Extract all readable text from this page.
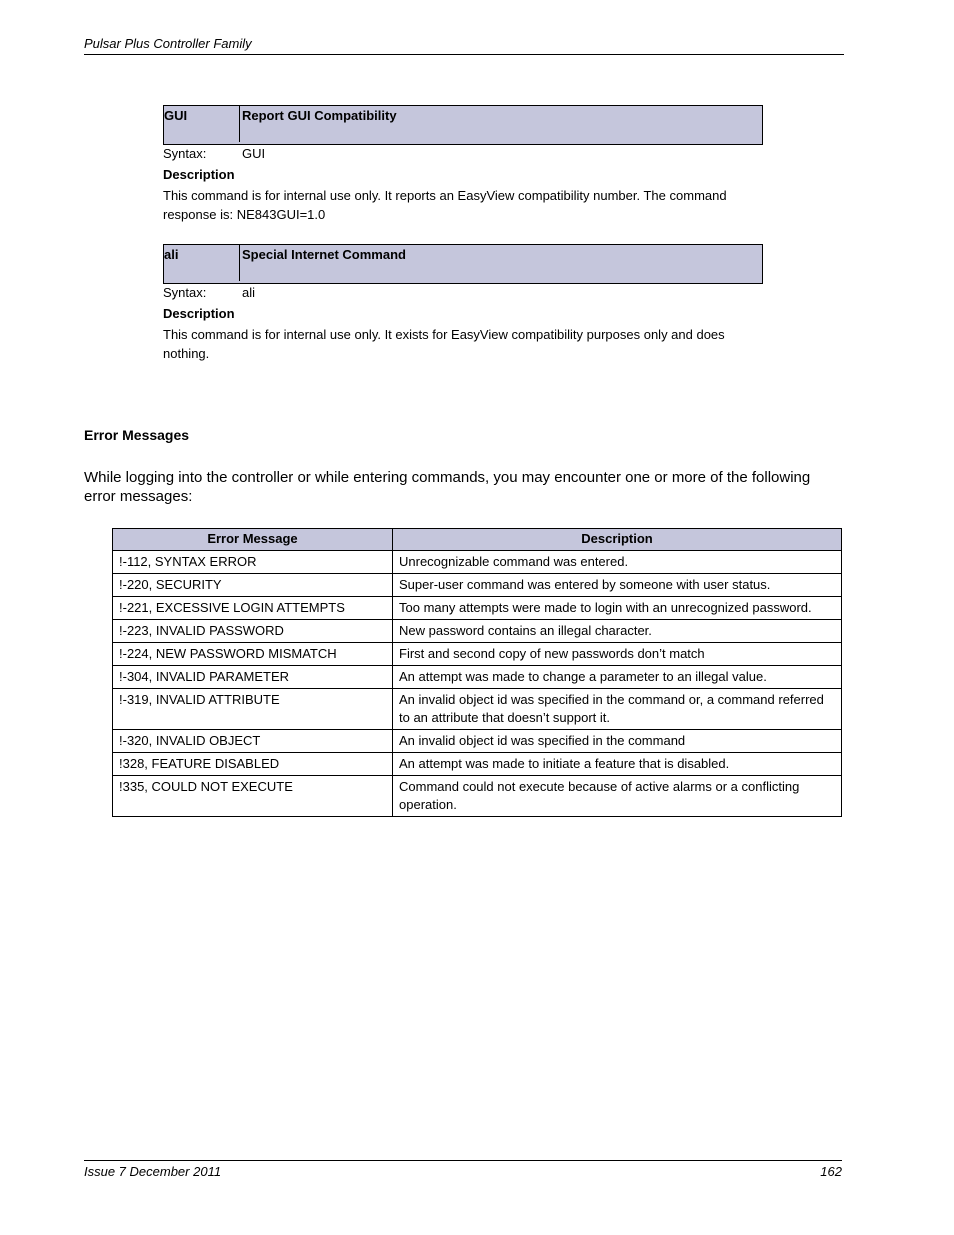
Pulsar Plus Controller Family
GUI	Report GUI Compatibility
Syntax:	GUI
Description
This command is for internal use only. It reports an EasyView compatibility number. The command response is: NE843GUI=1.0
ali	Special Internet Command
Syntax:	ali
Description
This command is for internal use only. It exists for EasyView compatibility purposes only and does nothing.
Error Messages
While logging into the controller or while entering commands, you may encounter one or more of the following error messages:
Error Message	Description
!-112, SYNTAX ERROR	Unrecognizable command was entered.
!-220, SECURITY	Super-user command was entered by someone with user status.
!-221, EXCESSIVE LOGIN ATTEMPTS	Too many attempts were made to login with an unrecognized password.
!-223, INVALID PASSWORD	New password contains an illegal character.
!-224, NEW PASSWORD MISMATCH	First and second copy of new passwords don’t match
!-304, INVALID PARAMETER	An attempt was made to change a parameter to an illegal value.
!-319, INVALID ATTRIBUTE	An invalid object id was specified in the command or, a command referred to an attribute that doesn’t support it.
!-320, INVALID OBJECT	An invalid object id was specified in the command
!328, FEATURE DISABLED	An attempt was made to initiate a feature that is disabled.
!335, COULD NOT EXECUTE	Command could not execute because of active alarms or a conflicting operation.
Issue 7 December 2011	162
